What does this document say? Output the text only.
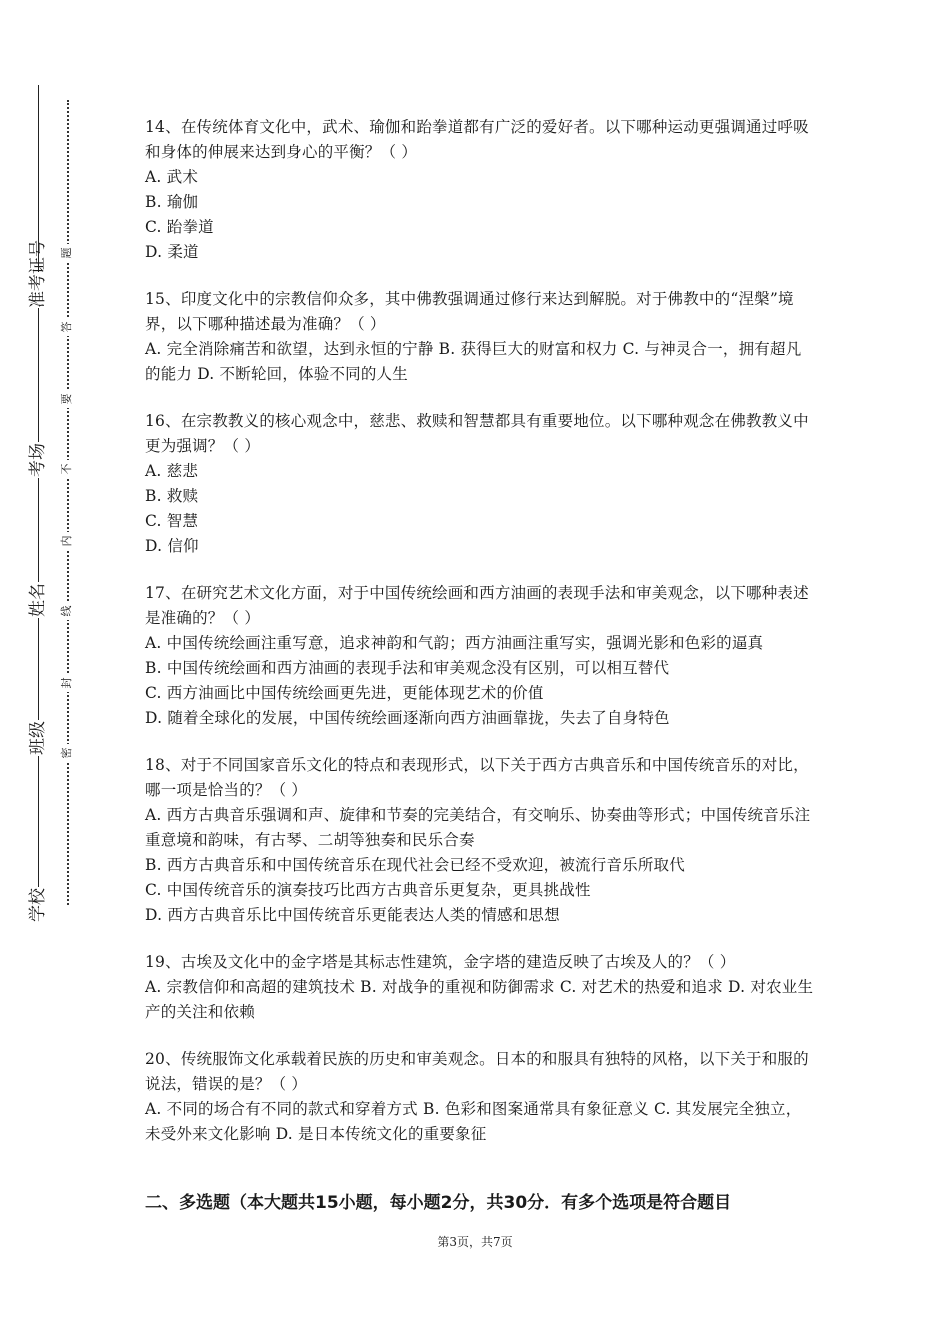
准考证号
考场
姓名
班级
学校
题
答
要
不
内
线
封
密
14、在传统体育文化中，武术、瑜伽和跆拳道都有广泛的爱好者。以下哪种运动更强调通过呼吸和身体的伸展来达到身心的平衡？（ ）

A. 武术

B. 瑜伽

C. 跆拳道

D. 柔道

15、印度文化中的宗教信仰众多，其中佛教强调通过修行来达到解脱。对于佛教中的“涅槃”境界，以下哪种描述最为准确？（ ）

A. 完全消除痛苦和欲望，达到永恒的宁静 B. 获得巨大的财富和权力 C. 与神灵合一，拥有超凡的能力 D. 不断轮回，体验不同的人生

16、在宗教教义的核心观念中，慈悲、救赎和智慧都具有重要地位。以下哪种观念在佛教教义中更为强调？（ ）

A. 慈悲

B. 救赎

C. 智慧

D. 信仰

17、在研究艺术文化方面，对于中国传统绘画和西方油画的表现手法和审美观念，以下哪种表述是准确的？（ ）

A. 中国传统绘画注重写意，追求神韵和气韵；西方油画注重写实，强调光影和色彩的逼真

B. 中国传统绘画和西方油画的表现手法和审美观念没有区别，可以相互替代

C. 西方油画比中国传统绘画更先进，更能体现艺术的价值

D. 随着全球化的发展，中国传统绘画逐渐向西方油画靠拢，失去了自身特色

18、对于不同国家音乐文化的特点和表现形式，以下关于西方古典音乐和中国传统音乐的对比，哪一项是恰当的？（ ）

A. 西方古典音乐强调和声、旋律和节奏的完美结合，有交响乐、协奏曲等形式；中国传统音乐注重意境和韵味，有古琴、二胡等独奏和民乐合奏

B. 西方古典音乐和中国传统音乐在现代社会已经不受欢迎，被流行音乐所取代

C. 中国传统音乐的演奏技巧比西方古典音乐更复杂，更具挑战性

D. 西方古典音乐比中国传统音乐更能表达人类的情感和思想

19、古埃及文化中的金字塔是其标志性建筑，金字塔的建造反映了古埃及人的？（ ）

A. 宗教信仰和高超的建筑技术 B. 对战争的重视和防御需求 C. 对艺术的热爱和追求 D. 对农业生产的关注和依赖

20、传统服饰文化承载着民族的历史和审美观念。日本的和服具有独特的风格，以下关于和服的说法，错误的是？（ ）

A. 不同的场合有不同的款式和穿着方式 B. 色彩和图案通常具有象征意义 C. 其发展完全独立，未受外来文化影响 D. 是日本传统文化的重要象征

二、多选题（本大题共15小题，每小题2分，共30分．有多个选项是符合题目
第3页，共7页
